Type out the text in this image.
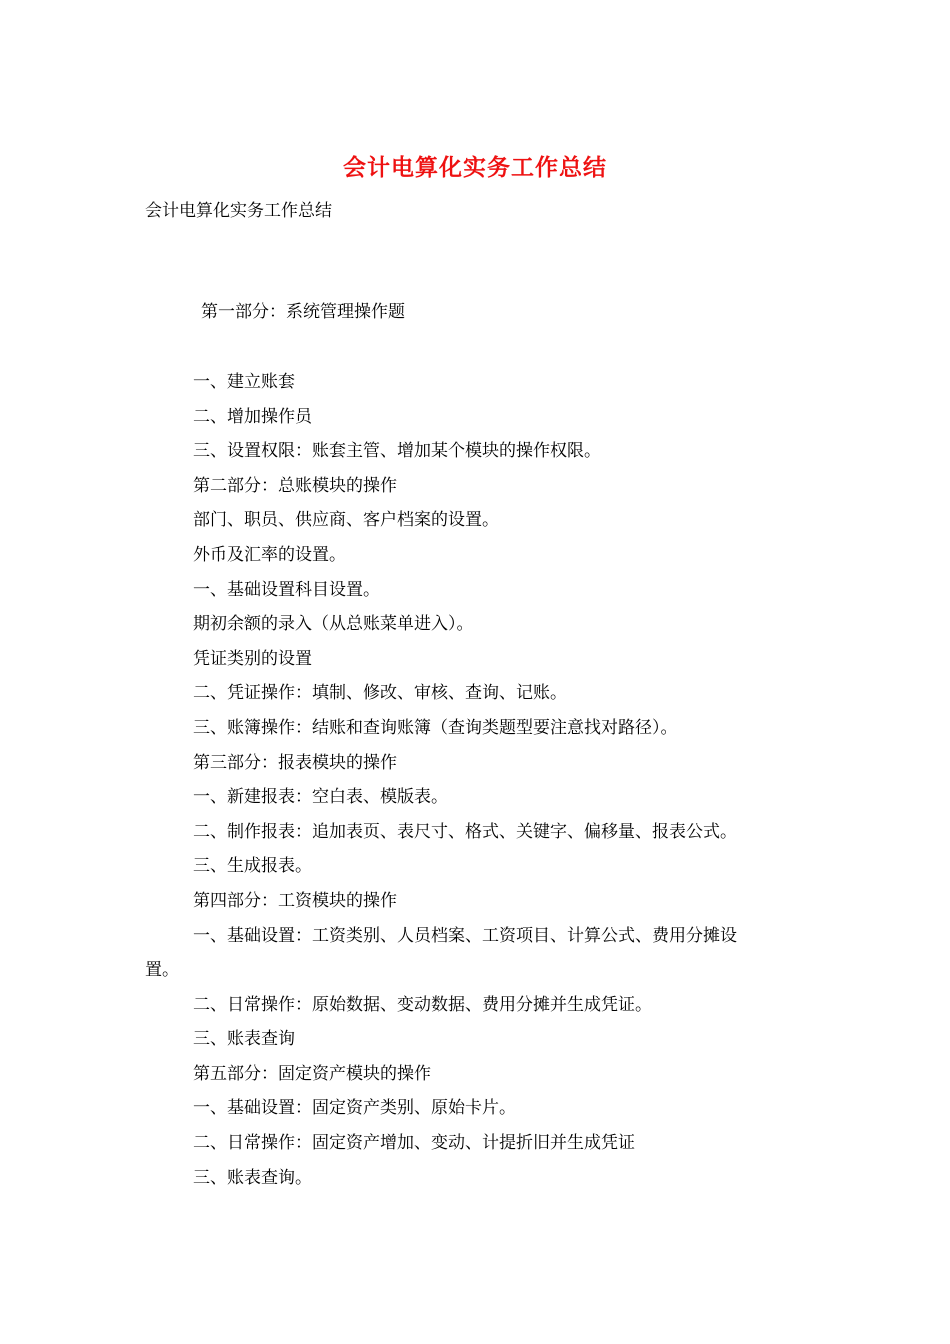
会计电算化实务工作总结
会计电算化实务工作总结
第一部分：系统管理操作题
一、建立账套
二、增加操作员
三、设置权限：账套主管、增加某个模块的操作权限。
第二部分：总账模块的操作
部门、职员、供应商、客户档案的设置。
外币及汇率的设置。
一、基础设置科目设置。
期初余额的录入（从总账菜单进入）。
凭证类别的设置
二、凭证操作：填制、修改、审核、查询、记账。
三、账簿操作：结账和查询账簿（查询类题型要注意找对路径）。
第三部分：报表模块的操作
一、新建报表：空白表、模版表。
二、制作报表：追加表页、表尺寸、格式、关键字、偏移量、报表公式。
三、生成报表。
第四部分：工资模块的操作
一、基础设置：工资类别、人员档案、工资项目、计算公式、费用分摊设
置。
二、日常操作：原始数据、变动数据、费用分摊并生成凭证。
三、账表查询
第五部分：固定资产模块的操作
一、基础设置：固定资产类别、原始卡片。
二、日常操作：固定资产增加、变动、计提折旧并生成凭证
三、账表查询。
